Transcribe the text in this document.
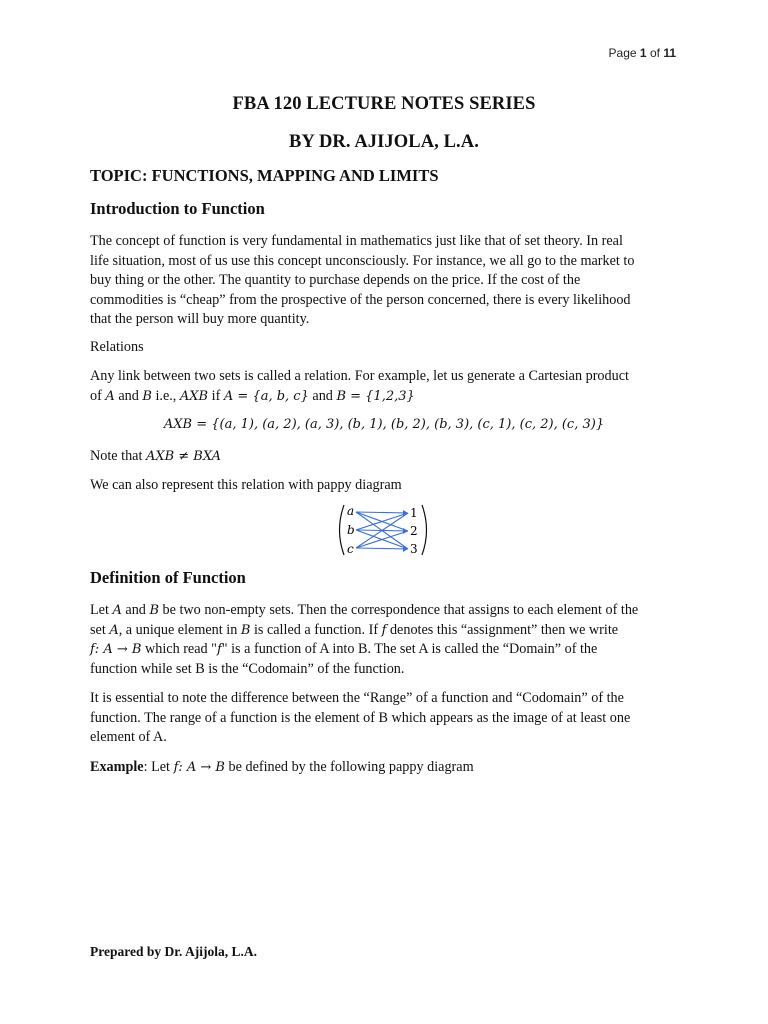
Page 1 of 11
FBA 120 LECTURE NOTES SERIES
BY DR. AJIJOLA, L.A.
TOPIC: FUNCTIONS, MAPPING AND LIMITS
Introduction to Function

The concept of function is very fundamental in mathematics just like that of set theory. In real

life situation, most of us use this concept unconsciously. For instance, we all go to the market to

buy thing or the other. The quantity to purchase depends on the price. If the cost of the

commodities is “cheap” from the prospective of the person concerned, there is every likelihood

that the person will buy more quantity.

Relations

Any link between two sets is called a relation. For example, let us generate a Cartesian product

of A and B i.e., AXB if A = {a, b, c} and B = {1,2,3}

AXB = {(a, 1), (a, 2), (a, 3), (b, 1), (b, 2), (b, 3), (c, 1), (c, 2), (c, 3)}
Note that AXB ≠ BXA
We can also represent this relation with pappy diagram
a
b
c
1
2
3
Definition of Function

Let A and B be two non-empty sets. Then the correspondence that assigns to each element of the

set A, a unique element in B is called a function. If f denotes this “assignment” then we write

f: A → B which read "f" is a function of A into B. The set A is called the “Domain” of the

function while set B is the “Codomain” of the function.

It is essential to note the difference between the “Range” of a function and “Codomain” of the

function. The range of a function is the element of B which appears as the image of at least one

element of A.

Example: Let f: A → B be defined by the following pappy diagram
Prepared by Dr. Ajijola, L.A.
